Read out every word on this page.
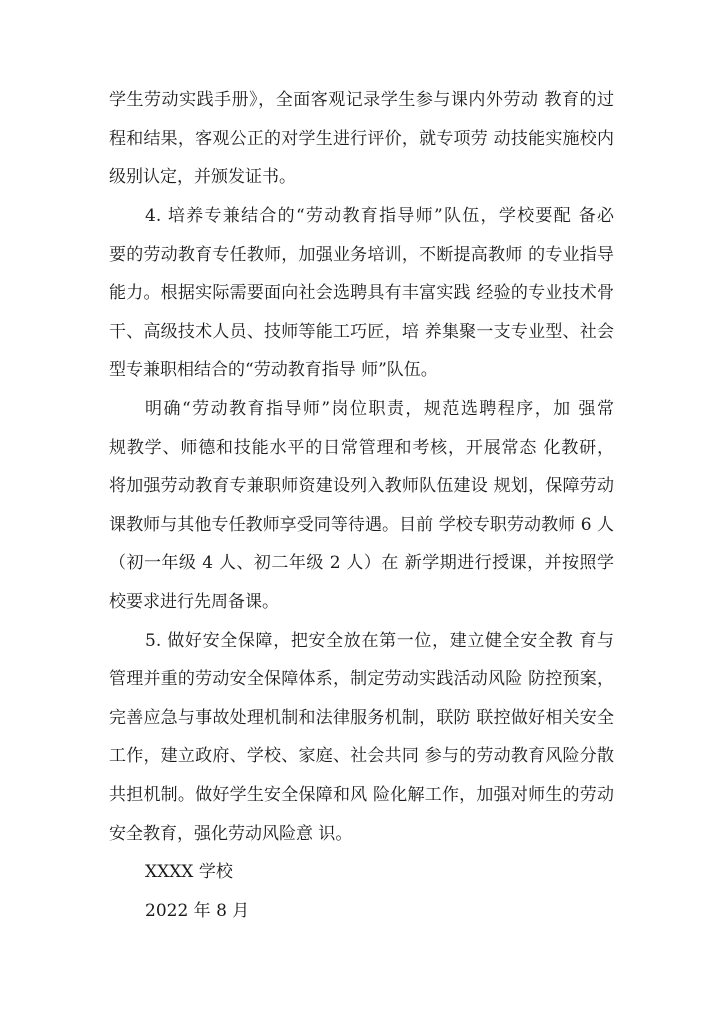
学生劳动实践手册》，全面客观记录学生参与课内外劳动 教育的过
程和结果，客观公正的对学生进行评价，就专项劳 动技能实施校内
级别认定，并颁发证书。
4. 培养专兼结合的“劳动教育指导师”队伍，学校要配 备必
要的劳动教育专任教师，加强业务培训，不断提高教师 的专业指导
能力。根据实际需要面向社会选聘具有丰富实践 经验的专业技术骨
干、高级技术人员、技师等能工巧匠，培 养集聚一支专业型、社会
型专兼职相结合的“劳动教育指导 师”队伍。
明确“劳动教育指导师”岗位职责，规范选聘程序，加 强常
规教学、师德和技能水平的日常管理和考核，开展常态 化教研，
将加强劳动教育专兼职师资建设列入教师队伍建设 规划，保障劳动
课教师与其他专任教师享受同等待遇。目前 学校专职劳动教师 6 人
（初一年级 4 人、初二年级 2 人）在 新学期进行授课，并按照学
校要求进行先周备课。
5. 做好安全保障，把安全放在第一位，建立健全安全教 育与
管理并重的劳动安全保障体系，制定劳动实践活动风险 防控预案，
完善应急与事故处理机制和法律服务机制，联防 联控做好相关安全
工作，建立政府、学校、家庭、社会共同 参与的劳动教育风险分散
共担机制。做好学生安全保障和风 险化解工作，加强对师生的劳动
安全教育，强化劳动风险意 识。
XXXX 学校
2022 年 8 月
